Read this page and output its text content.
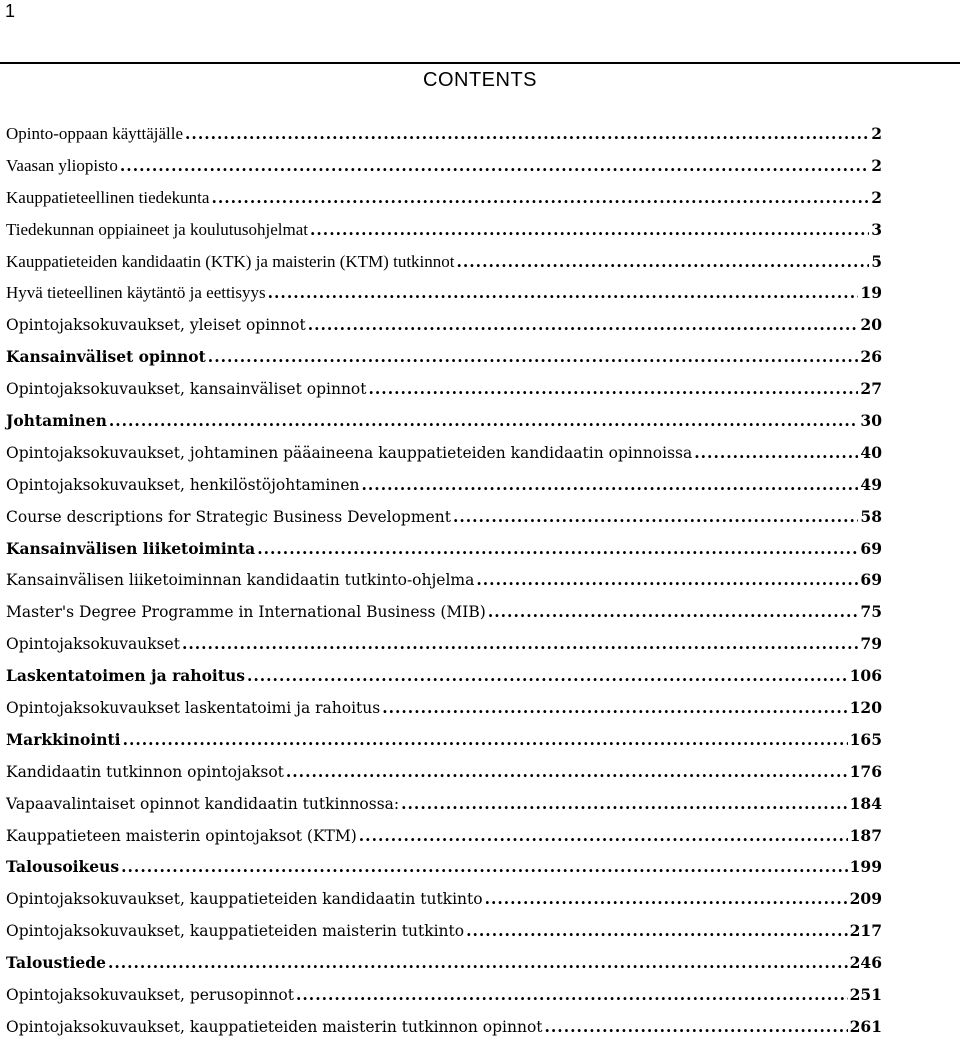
1
CONTENTS
Opinto-oppaan käyttäjälle .....	2
Vaasan yliopisto .....	2
Kauppatieteellinen tiedekunta .....	2
Tiedekunnan oppiaineet ja koulutusohjelmat .....	3
Kauppatieteiden kandidaatin (KTK) ja maisterin (KTM) tutkinnot .....	5
Hyvä tieteellinen käytäntö ja eettisyys .....	19
Opintojaksokuvaukset, yleiset opinnot .....	20
Kansainväliset opinnot .....	26
Opintojaksokuvaukset, kansainväliset opinnot .....	27
Johtaminen .....	30
Opintojaksokuvaukset, johtaminen pääaineena kauppatieteiden kandidaatin opinnoissa .....	40
Opintojaksokuvaukset, henkilöstöjohtaminen .....	49
Course descriptions for Strategic Business Development .....	58
Kansainvälisen liiketoiminta .....	69
Kansainvälisen liiketoiminnan kandidaatin tutkinto-ohjelma .....	69
Master's Degree Programme in International Business (MIB) .....	75
Opintojaksokuvaukset .....	79
Laskentatoimen ja rahoitus .....	106
Opintojaksokuvaukset laskentatoimi ja rahoitus .....	120
Markkinointi .....	165
Kandidaatin tutkinnon opintojaksot .....	176
Vapaavalintaiset opinnot kandidaatin tutkinnossa: .....	184
Kauppatieteen maisterin opintojaksot (KTM) .....	187
Talousoikeus .....	199
Opintojaksokuvaukset, kauppatieteiden kandidaatin tutkinto .....	209
Opintojaksokuvaukset, kauppatieteiden maisterin tutkinto .....	217
Taloustiede .....	246
Opintojaksokuvaukset, perusopinnot .....	251
Opintojaksokuvaukset, kauppatieteiden maisterin tutkinnon opinnot .....	261
